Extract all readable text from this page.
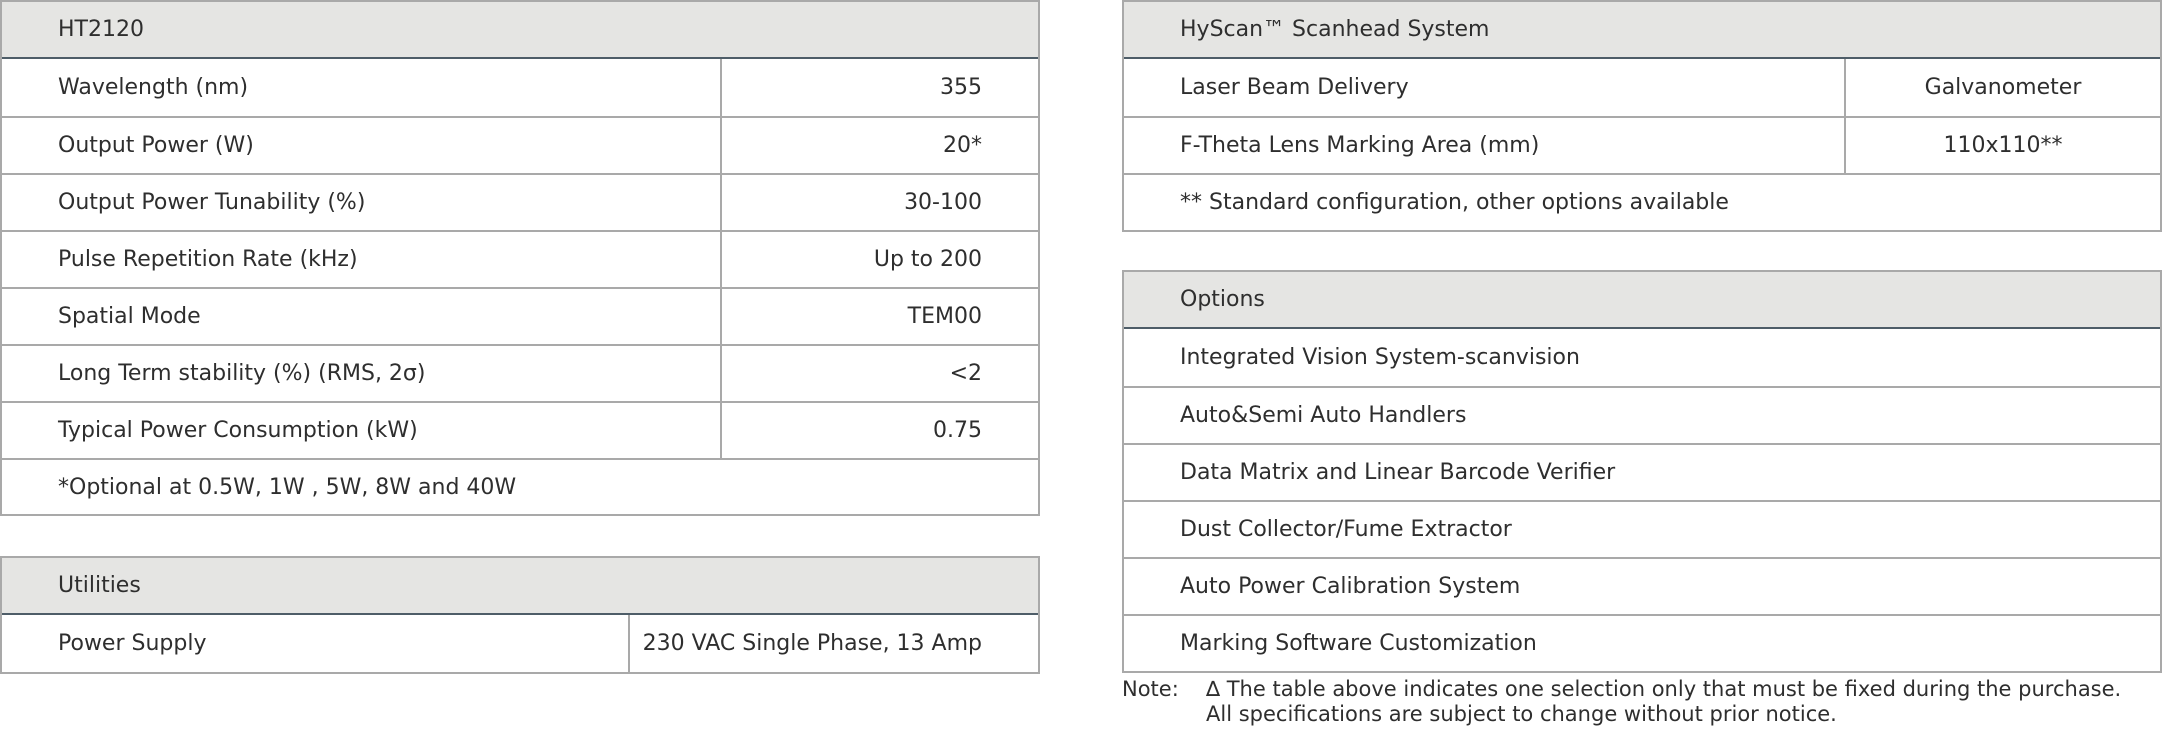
HT2120
Wavelength (nm)	355
Output Power (W)	20*
Output Power Tunability (%)	30-100
Pulse Repetition Rate (kHz)	Up to 200
Spatial Mode	TEM00
Long Term stability (%) (RMS, 2σ)	<2
Typical Power Consumption (kW)	0.75
*Optional at 0.5W, 1W , 5W, 8W and 40W
Utilities
Power Supply	230 VAC Single Phase, 13 Amp
HyScan™ Scanhead System
Laser Beam Delivery	Galvanometer
F-Theta Lens Marking Area (mm)	110x110**
** Standard configuration, other options available
Options
Integrated Vision System-scanvision
Auto&Semi Auto Handlers
Data Matrix and Linear Barcode Verifier
Dust Collector/Fume Extractor
Auto Power Calibration System
Marking Software Customization
Note: ∆ The table above indicates one selection only that must be fixed during the purchase.
All specifications are subject to change without prior notice.
